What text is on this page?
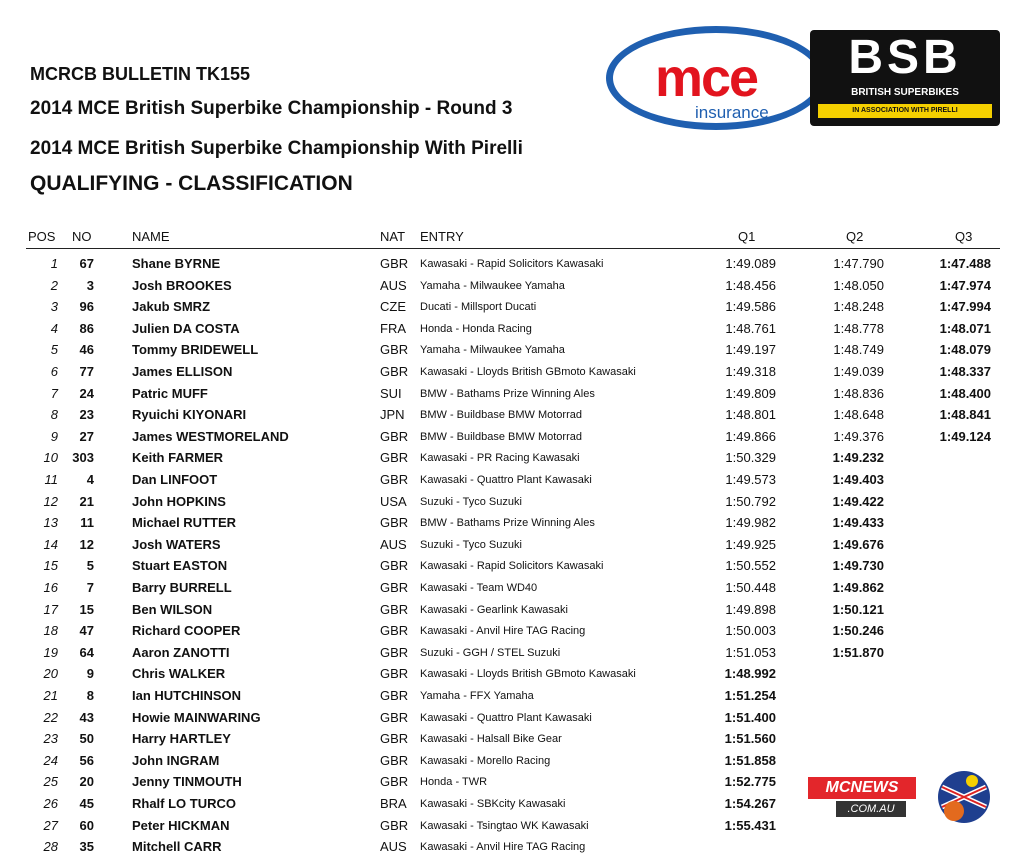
MCRCB BULLETIN TK155
2014 MCE British Superbike Championship - Round 3
2014 MCE British Superbike Championship With Pirelli
QUALIFYING - CLASSIFICATION
mce
insurance
BSB
BRITISH SUPERBIKES
IN ASSOCIATION WITH PIRELLI
POS NO	NAME	NAT ENTRY	Q1	Q2	Q3
1	67	Shane BYRNE	GBR Kawasaki - Rapid Solicitors Kawasaki	1:49.089	1:47.790	1:47.488
2	3	Josh BROOKES	AUS Yamaha - Milwaukee Yamaha	1:48.456	1:48.050	1:47.974
3	96	Jakub SMRZ	CZE Ducati - Millsport Ducati	1:49.586	1:48.248	1:47.994
4	86	Julien DA COSTA	FRA Honda - Honda Racing	1:48.761	1:48.778	1:48.071
5	46	Tommy BRIDEWELL	GBR Yamaha - Milwaukee Yamaha	1:49.197	1:48.749	1:48.079
6	77	James ELLISON	GBR Kawasaki - Lloyds British GBmoto Kawasaki	1:49.318	1:49.039	1:48.337
7	24	Patric MUFF	SUI BMW - Bathams Prize Winning Ales	1:49.809	1:48.836	1:48.400
8	23	Ryuichi KIYONARI	JPN BMW - Buildbase BMW Motorrad	1:48.801	1:48.648	1:48.841
9	27	James WESTMORELAND	GBR BMW - Buildbase BMW Motorrad	1:49.866	1:49.376	1:49.124
10	303	Keith FARMER	GBR Kawasaki - PR Racing Kawasaki	1:50.329	1:49.232
11	4	Dan LINFOOT	GBR Kawasaki - Quattro Plant Kawasaki	1:49.573	1:49.403
12	21	John HOPKINS	USA Suzuki - Tyco Suzuki	1:50.792	1:49.422
13	11	Michael RUTTER	GBR BMW - Bathams Prize Winning Ales	1:49.982	1:49.433
14	12	Josh WATERS	AUS Suzuki - Tyco Suzuki	1:49.925	1:49.676
15	5	Stuart EASTON	GBR Kawasaki - Rapid Solicitors Kawasaki	1:50.552	1:49.730
16	7	Barry BURRELL	GBR Kawasaki - Team WD40	1:50.448	1:49.862
17	15	Ben WILSON	GBR Kawasaki - Gearlink Kawasaki	1:49.898	1:50.121
18	47	Richard COOPER	GBR Kawasaki - Anvil Hire TAG Racing	1:50.003	1:50.246
19	64	Aaron ZANOTTI	GBR Suzuki - GGH / STEL Suzuki	1:51.053	1:51.870
20	9	Chris WALKER	GBR Kawasaki - Lloyds British GBmoto Kawasaki	1:48.992
21	8	Ian HUTCHINSON	GBR Yamaha - FFX Yamaha	1:51.254
22	43	Howie MAINWARING	GBR Kawasaki - Quattro Plant Kawasaki	1:51.400
23	50	Harry HARTLEY	GBR Kawasaki - Halsall Bike Gear	1:51.560
24	56	John INGRAM	GBR Kawasaki - Morello Racing	1:51.858
25	20	Jenny TINMOUTH	GBR Honda - TWR	1:52.775
26	45	Rhalf LO TURCO	BRA Kawasaki - SBKcity Kawasaki	1:54.267
27	60	Peter HICKMAN	GBR Kawasaki - Tsingtao WK Kawasaki	1:55.431
28	35	Mitchell CARR	AUS Kawasaki - Anvil Hire TAG Racing
MCNEWS
.COM.AU
